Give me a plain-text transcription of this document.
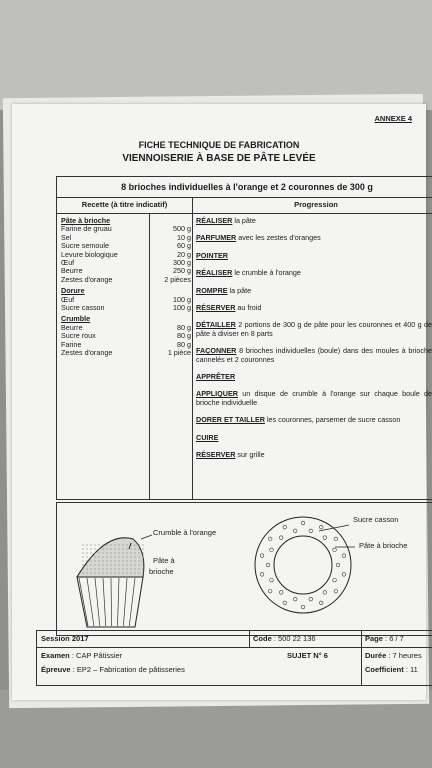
ANNEXE 4
FICHE TECHNIQUE DE FABRICATION
VIENNOISERIE À BASE DE PÂTE LEVÉE
8 brioches individuelles à l'orange et 2 couronnes de 300 g
Recette (à titre indicatif)	Progression
Pâte à brioche
Farine de gruau	500 g
Sel	10 g
Sucre semoule	60 g
Levure biologique	20 g
Œuf	300 g
Beurre	250 g
Zestes d'orange	2 pièces
Dorure
Œuf	100 g
Sucre casson	100 g
Crumble
Beurre	80 g
Sucre roux	80 g
Farine	80 g
Zestes d'orange	1 pièce
RÉALISER la pâte
PARFUMER avec les zestes d'oranges
POINTER
RÉALISER le crumble à l'orange
ROMPRE la pâte
RÉSERVER au froid
DÉTAILLER 2 portions de 300 g de pâte pour les couronnes et 400 g de pâte à diviser en 8 parts
FAÇONNER 8 brioches individuelles (boule) dans des moules à brioche cannelés et 2 couronnes
APPRÊTER
APPLIQUER un disque de crumble à l'orange sur chaque boule de brioche individuelle
DORER ET TAILLER les couronnes, parsemer de sucre casson
CUIRE
RÉSERVER sur grille
Crumble à l'orange
Pâte à
brioche
Sucre casson
Pâte à brioche
Session 2017	Code : 500 22 136	Page : 6 / 7
Examen : CAP Pâtissier	SUJET N° 6	Durée : 7 heures
Épreuve : EP2 – Fabrication de pâtisseries	Coefficient : 11
